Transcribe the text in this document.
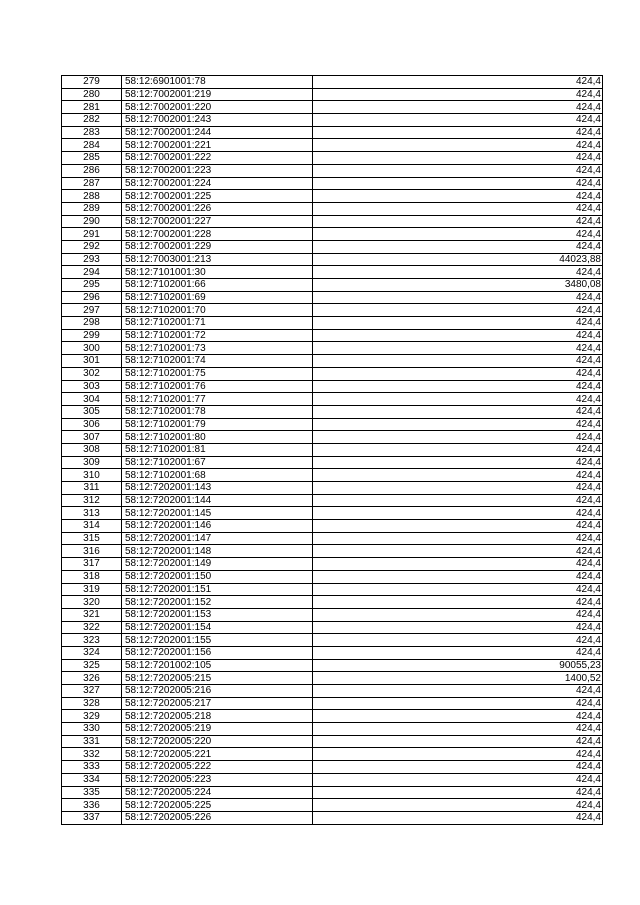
279	58:12:6901001:78	424,4
280	58:12:7002001:219	424,4
281	58:12:7002001:220	424,4
282	58:12:7002001:243	424,4
283	58:12:7002001:244	424,4
284	58:12:7002001:221	424,4
285	58:12:7002001:222	424,4
286	58:12:7002001:223	424,4
287	58:12:7002001:224	424,4
288	58:12:7002001:225	424,4
289	58:12:7002001:226	424,4
290	58:12:7002001:227	424,4
291	58:12:7002001:228	424,4
292	58:12:7002001:229	424,4
293	58:12:7003001:213	44023,88
294	58:12:7101001:30	424,4
295	58:12:7102001:66	3480,08
296	58:12:7102001:69	424,4
297	58:12:7102001:70	424,4
298	58:12:7102001:71	424,4
299	58:12:7102001:72	424,4
300	58:12:7102001:73	424,4
301	58:12:7102001:74	424,4
302	58:12:7102001:75	424,4
303	58:12:7102001:76	424,4
304	58:12:7102001:77	424,4
305	58:12:7102001:78	424,4
306	58:12:7102001:79	424,4
307	58:12:7102001:80	424,4
308	58:12:7102001:81	424,4
309	58:12:7102001:67	424,4
310	58:12:7102001:68	424,4
311	58:12:7202001:143	424,4
312	58:12:7202001:144	424,4
313	58:12:7202001:145	424,4
314	58:12:7202001:146	424,4
315	58:12:7202001:147	424,4
316	58:12:7202001:148	424,4
317	58:12:7202001:149	424,4
318	58:12:7202001:150	424,4
319	58:12:7202001:151	424,4
320	58:12:7202001:152	424,4
321	58:12:7202001:153	424,4
322	58:12:7202001:154	424,4
323	58:12:7202001:155	424,4
324	58:12:7202001:156	424,4
325	58:12:7201002:105	90055,23
326	58:12:7202005:215	1400,52
327	58:12:7202005:216	424,4
328	58:12:7202005:217	424,4
329	58:12:7202005:218	424,4
330	58:12:7202005:219	424,4
331	58:12:7202005:220	424,4
332	58:12:7202005:221	424,4
333	58:12:7202005:222	424,4
334	58:12:7202005:223	424,4
335	58:12:7202005:224	424,4
336	58:12:7202005:225	424,4
337	58:12:7202005:226	424,4
